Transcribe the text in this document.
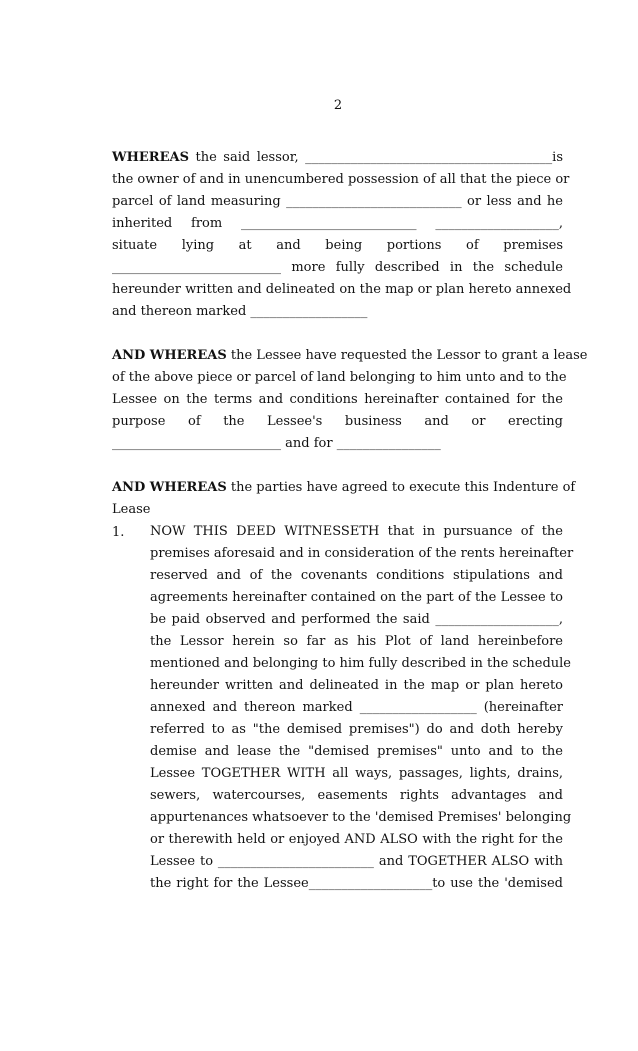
2
WHEREAS the said lessor, ______________________________________is
the owner of and in unencumbered possession of all that the piece or
parcel of land measuring ___________________________ or less and he
inherited from ___________________________ ___________________,
situate lying at and being portions of premises
__________________________ more fully described in the schedule
hereunder written and delineated on the map or plan hereto annexed
and thereon marked __________________
AND WHEREAS the Lessee have requested the Lessor to grant a lease
of the above piece or parcel of land belonging to him unto and to the
Lessee on the terms and conditions hereinafter contained for the
purpose of the Lessee's business and or erecting
__________________________ and for ________________
AND WHEREAS the parties have agreed to execute this Indenture of
Lease
1. NOW THIS DEED WITNESSETH that in pursuance of the
premises aforesaid and in consideration of the rents hereinafter
reserved and of the covenants conditions stipulations and
agreements hereinafter contained on the part of the Lessee to
be paid observed and performed the said ___________________,
the Lessor herein so far as his Plot of land hereinbefore
mentioned and belonging to him fully described in the schedule
hereunder written and delineated in the map or plan hereto
annexed and thereon marked __________________ (hereinafter
referred to as "the demised premises") do and doth hereby
demise and lease the "demised premises" unto and to the
Lessee TOGETHER WITH all ways, passages, lights, drains,
sewers, watercourses, easements rights advantages and
appurtenances whatsoever to the 'demised Premises' belonging
or therewith held or enjoyed AND ALSO with the right for the
Lessee to ________________________ and TOGETHER ALSO with
the right for the Lessee___________________to use the 'demised
